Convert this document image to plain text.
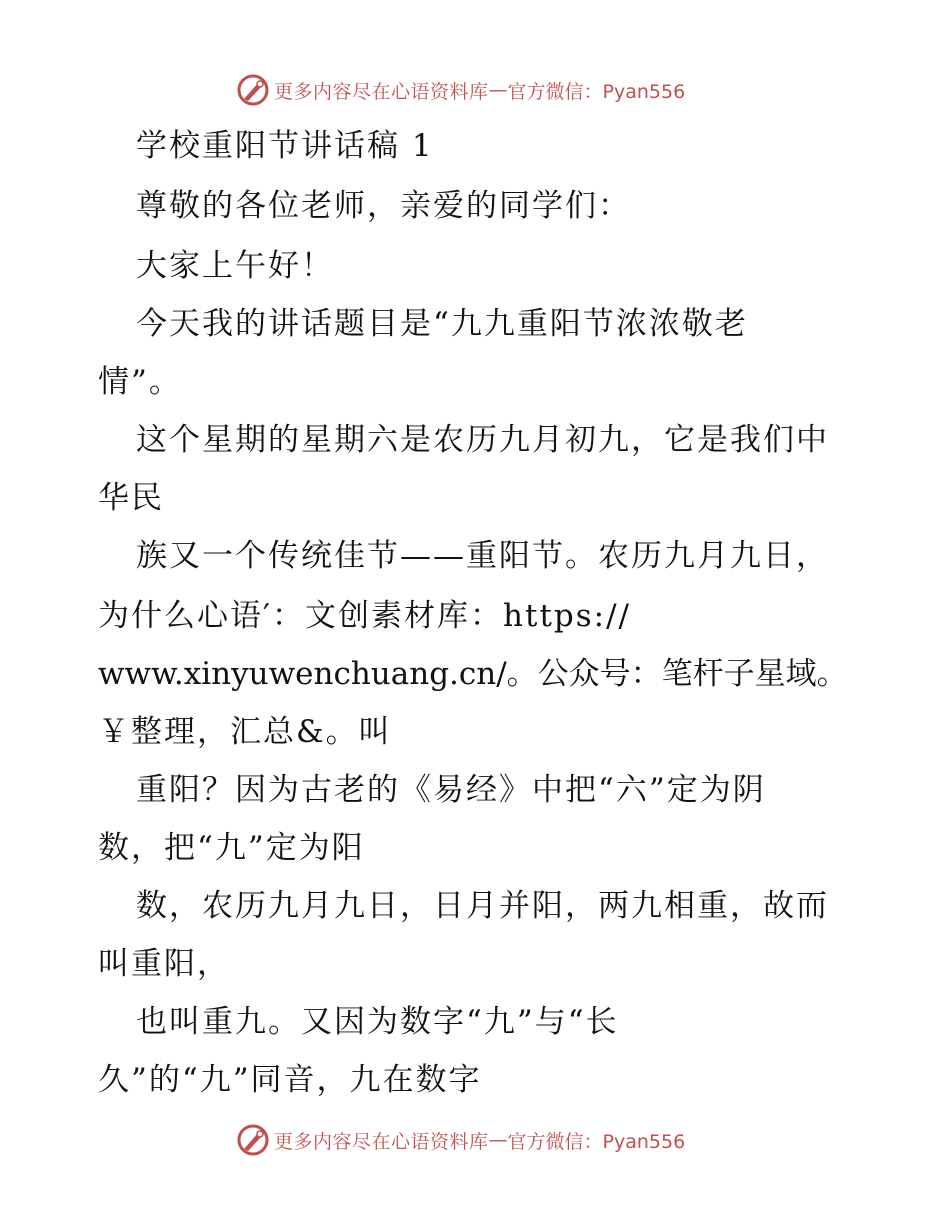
更多内容尽在心语资料库 — 官方微信：Pyan556
学校重阳节讲话稿 1
尊敬的各位老师，亲爱的同学们：
大家上午好！
今天我的讲话题目是“九九重阳节浓浓敬老
情”。
这个星期的星期六是农历九月初九，它是我们中
华民
族又一个传统佳节——重阳节。农历九月九日，
为什么心语′：文创素材库：https://
www.xinyuwenchuang.cn/。公众号：笔杆子星域。
￥整理，汇总&。叫
重阳？因为古老的《易经》中把“六”定为阴
数，把“九”定为阳
数，农历九月九日，日月并阳，两九相重，故而
叫重阳，
也叫重九。又因为数字“九”与“长
久”的“九”同音，九在数字
更多内容尽在心语资料库 — 官方微信：Pyan556
